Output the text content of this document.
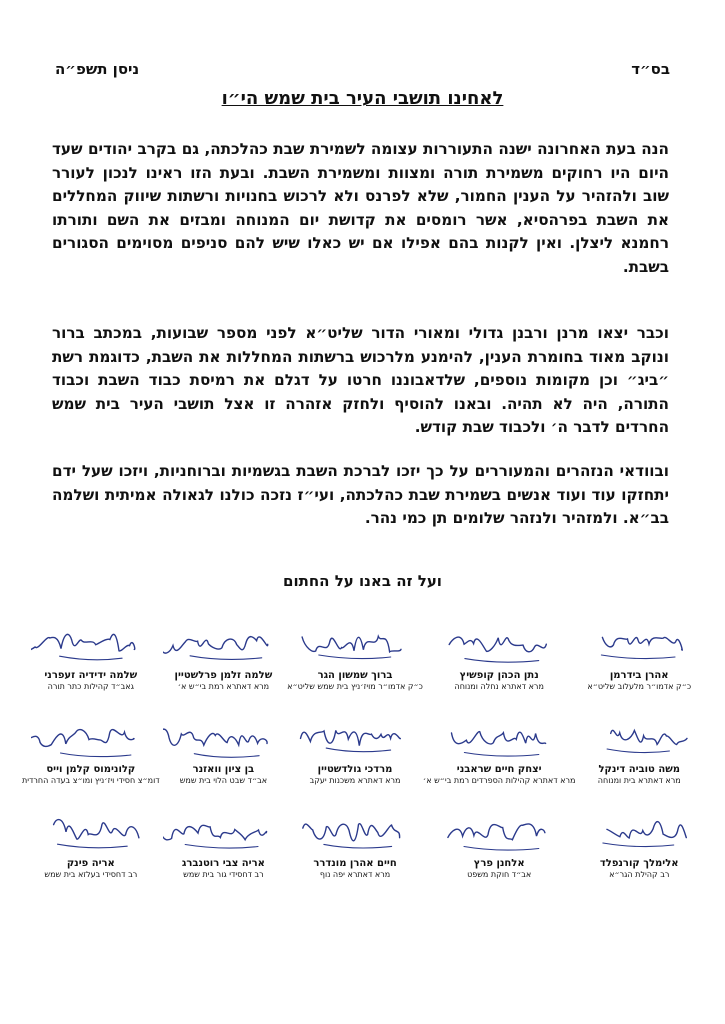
בס״ד
ניסן תשפ״ה
לאחינו תושבי העיר בית שמש הי״ו
הנה בעת האחרונה ישנה התעוררות עצומה לשמירת שבת כהלכתה, גם בקרב יהודים שעד היום היו רחוקים משמירת תורה ומצוות ומשמירת השבת. ובעת הזו ראינו לנכון לעורר שוב ולהזהיר על הענין החמור, שלא לפרנס ולא לרכוש בחנויות ורשתות שיווק המחללים את השבת בפרהסיא, אשר רומסים את קדושת יום המנוחה ומבזים את השם ותורתו רחמנא ליצלן. ואין לקנות בהם אפילו אם יש כאלו שיש להם סניפים מסוימים הסגורים בשבת.
וכבר יצאו מרנן ורבנן גדולי ומאורי הדור שליט״א לפני מספר שבועות, במכתב ברור ונוקב מאוד בחומרת הענין, להימנע מלרכוש ברשתות המחללות את השבת, כדוגמת רשת ״ביג״ וכן מקומות נוספים, שלדאבוננו חרטו על דגלם את רמיסת כבוד השבת וכבוד התורה, היה לא תהיה. ובאנו להוסיף ולחזק אזהרה זו אצל תושבי העיר בית שמש החרדים לדבר ה׳ ולכבוד שבת קודש.
ובוודאי הנזהרים והמעוררים על כך יזכו לברכת השבת בגשמיות וברוחניות, ויזכו שעל ידם יתחזקו עוד ועוד אנשים בשמירת שבת כהלכתה, ועי״ז נזכה כולנו לגאולה אמיתית ושלמה בב״א. ולמזהיר ולנזהר שלומים תן כמי נהר.
ועל זה באנו על החתום
אהרן בידרמן
כ״ק אדמו״ר מלעלוב שליט״א
נתן הכהן קופשיץ
מרא דאתרא נחלה ומנוחה
ברוך שמשון הגר
כ״ק אדמו״ר מויז׳ניץ בית שמש שליט״א
שלמה זלמן פרלשטיין
מרא דאתרא רמת בי״ש א׳
שלמה ידידיה זעפרני
גאב״ד קהילות כתר תורה
משה טוביה דינקל
מרא דאתרא בית ומנוחה
יצחק חיים שראבני
מרא דאתרא קהילות הספרדים רמת בי״ש א׳
מרדכי גולדשטיין
מרא דאתרא משכנות יעקב
בן ציון וואזנר
אב״ד שבט הלוי בית שמש
קלונימוס קלמן וייס
דומ״צ חסידי ויז׳ניץ ומו״צ בעדה החרדית
אלימלך קורנפלד
רב קהילת הגר״א
אלחנן פרץ
אב״ד חוקת משפט
חיים אהרן מונדרר
מרא דאתרא יפה נוף
אריה צבי רוטנברג
רב דחסידי גור בית שמש
אריה פינק
רב דחסידי בעלזא בית שמש
